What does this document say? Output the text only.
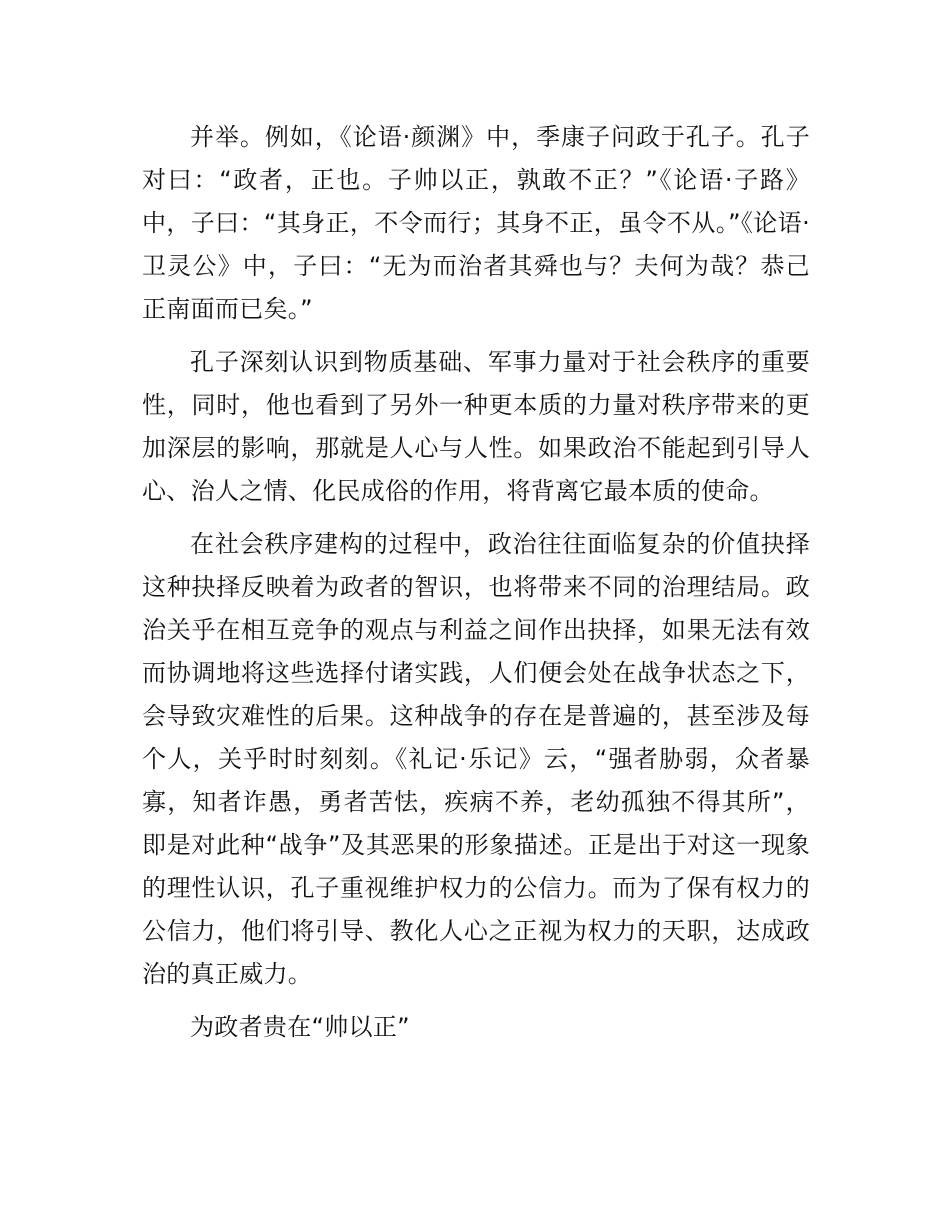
并举。例如，《论语·颜渊》中，季康子问政于孔子。孔子对曰：“政者，正也。子帅以正，孰敢不正？”《论语·子路》中，子曰：“其身正，不令而行；其身不正，虽令不从。”《论语·卫灵公》中，子曰：“无为而治者其舜也与？夫何为哉？恭己正南面而已矣。”

孔子深刻认识到物质基础、军事力量对于社会秩序的重要性，同时，他也看到了另外一种更本质的力量对秩序带来的更加深层的影响，那就是人心与人性。如果政治不能起到引导人心、治人之情、化民成俗的作用，将背离它最本质的使命。

在社会秩序建构的过程中，政治往往面临复杂的价值抉择这种抉择反映着为政者的智识，也将带来不同的治理结局。政治关乎在相互竞争的观点与利益之间作出抉择，如果无法有效而协调地将这些选择付诸实践，人们便会处在战争状态之下，会导致灾难性的后果。这种战争的存在是普遍的，甚至涉及每个人，关乎时时刻刻。《礼记·乐记》云，“强者胁弱，众者暴寡，知者诈愚，勇者苦怯，疾病不养，老幼孤独不得其所”，即是对此种“战争”及其恶果的形象描述。正是出于对这一现象的理性认识，孔子重视维护权力的公信力。而为了保有权力的公信力，他们将引导、教化人心之正视为权力的天职，达成政治的真正威力。

为政者贵在“帅以正”
